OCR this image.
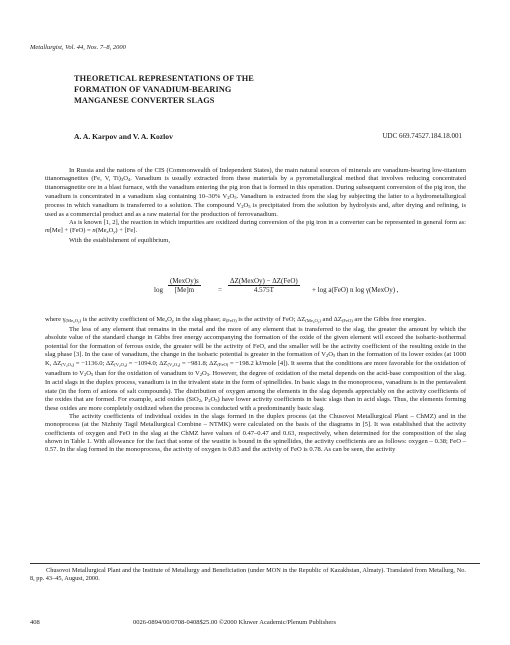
Metallurgist, Vol. 44, Nos. 7–8, 2000
THEORETICAL REPRESENTATIONS OF THE
FORMATION OF VANADIUM-BEARING
MANGANESE CONVERTER SLAGS
A. A. Karpov and V. A. Kozlov	UDC 669.74527.184.18.001

In Russia and the nations of the CIS (Commonwealth of Independent States), the main natural sources of minerals are vanadium-bearing low-titanium titanomagnetites (Fe, V, $Ti)_3O_4$. Vanadium is usually extracted from these materials by a pyrometallurgical method that involves reducing concentrated titanomagnetite ore in a blast furnace, with the vanadium entering the pig iron that is formed in this operation. During subsequent conversion of the pig iron, the vanadium is concentrated in a vanadium slag containing 10–30% $V_2O_5$. Vanadium is extracted from the slag by subjecting the latter to a hydrometallurgical process in which vanadium is transferred to a solution. The compound $V_2O_5$ is precipitated from the solution by hydrolysis and, after drying and refining, is used as a commercial product and as a raw material for the production of ferrovanadium.

As is known [1, 2], the reaction in which impurities are oxidized during conversion of the pig iron in a converter can be represented in general form as: $m[Me] + (FeO) = n(Me_xO_y) + [Fe]$.

With the establishment of equilibrium,

log
(MexOy)s
[Me]m	=
ΔZ(MexOy) − ΔZ(FeO)
4.575T	+ log a(FeO) n log γ(MexOy) ,

where $\gamma_{(Me_xO_y)}$ is the activity coefficient of $Me_xO_y$ in the slag phase; $a_{(FeO)}$ is the activity of FeO; $\Delta Z_{(Me_xO_y)}$ and $\Delta Z_{(FeO)}$ are the Gibbs free energies.

The less of any element that remains in the metal and the more of any element that is transferred to the slag, the greater the amount by which the absolute value of the standard change in Gibbs free energy accompanying the formation of the oxide of the given element will exceed the isobaric-isothermal potential for the formation of ferrous oxide, the greater will be the activity of FeO, and the smaller will be the activity coefficient of the resulting oxide in the slag phase [3]. In the case of vanadium, the change in the isobaric potential is greater in the formation of $V_2O_5$ than in the formation of its lower oxides (at 1000 K, $\Delta Z_{(V_2O_5)} = -1136.0$; $\Delta Z_{(V_2O_4)} = -1094.0$; $\Delta Z_{(V_2O_3)} = -981.8$; $\Delta Z_{(FeO)} = -198.2$ kJ/mole [4]). It seems that the conditions are more favorable for the oxidation of vanadium to $V_2O_5$ than for the oxidation of vanadium to $V_2O_3$. However, the degree of oxidation of the metal depends on the acid-base composition of the slag. In acid slags in the duplex process, vanadium is in the trivalent state in the form of spinellides. In basic slags in the monoprocess, vanadium is in the pentavalent state (in the form of anions of salt compounds). The distribution of oxygen among the elements in the slag depends appreciably on the activity coefficients of the oxides that are formed. For example, acid oxides (SiO$_2$, $P_2O_5$) have lower activity coefficients in basic slags than in acid slags. Thus, the elements forming these oxides are more completely oxidized when the process is conducted with a predominantly basic slag.

The activity coefficients of individual oxides in the slags formed in the duplex process (at the Chusovoi Metallurgical Plant – ChMZ) and in the monoprocess (at the Nizhniy Tagil Metallurgical Combine – NTMK) were calculated on the basis of the diagrams in [5]. It was established that the activity coefficients of oxygen and FeO in the slag at the ChMZ have values of 0.47–0.47 and 0.63, respectively, when determined for the composition of the slag shown in Table 1. With allowance for the fact that some of the wustite is bound in the spinellides, the activity coefficients are as follows: oxygen – 0.38; FeO – 0.57. In the slag formed in the monoprocess, the activity of oxygen is 0.83 and the activity of FeO is 0.78. As can be seen, the activity

Chusovoi Metallurgical Plant and the Institute of Metallurgy and Beneficiation (under MON in the Republic of Kazakhstan, Almaty). Translated from Metallurg, No. 8, pp. 43–45, August, 2000.
408	0026-0894/00/0708-0408$25.00 ©2000 Kluwer Academic/Plenum Publishers
